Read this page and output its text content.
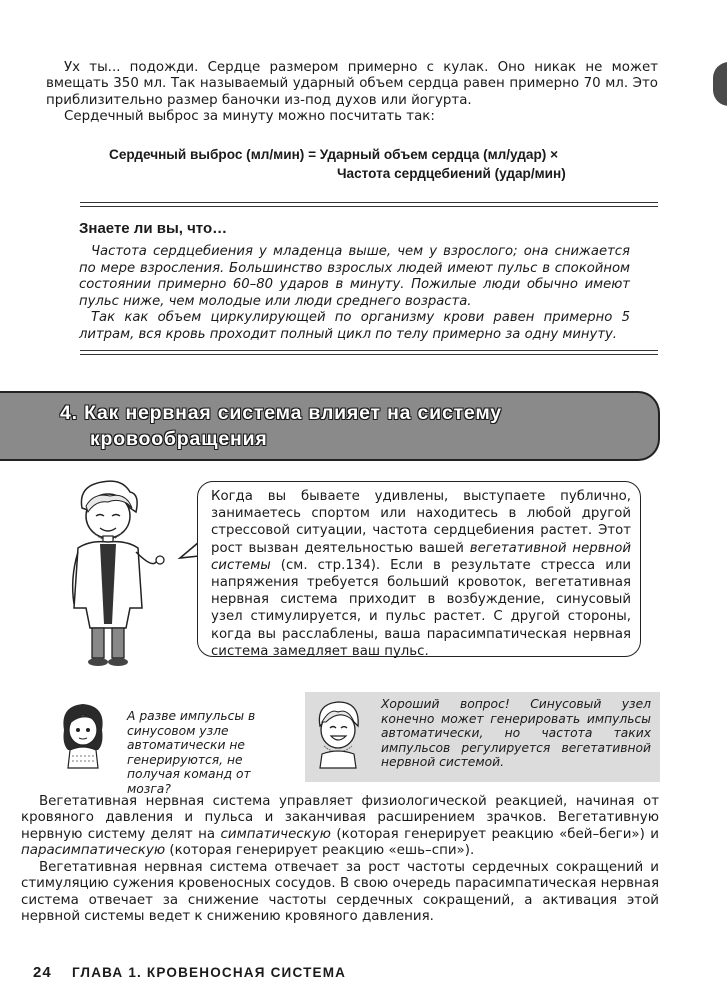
Ух ты... подожди. Сердце размером примерно с кулак. Оно никак не может вмещать 350 мл. Так называемый ударный объем сердца равен примерно 70 мл. Это приблизительно размер баночки из-под духов или йогурта.

Сердечный выброс за минуту можно посчитать так:

Сердечный выброс (мл/мин) = Ударный объем сердца (мл/удар) ×
Частота сердцебиений (удар/мин)
Знаете ли вы, что…

Частота сердцебиения у младенца выше, чем у взрослого; она снижается по мере взросления. Большинство взрослых людей имеют пульс в спокойном состоянии примерно 60–80 ударов в минуту. Пожилые люди обычно имеют пульс ниже, чем молодые или люди среднего возраста.

Так как объем циркулирующей по организму крови равен примерно 5 литрам, вся кровь проходит полный цикл по телу примерно за одну минуту.

4. Как нервная система влияет на систему
кровообращения

Когда вы бываете удивлены, выступаете публично, занимаетесь спортом или находитесь в любой другой стрессовой ситуации, частота сердцебиения растет. Этот рост вызван деятельностью вашей вегетативной нервной системы (см. стр.134). Если в результате стресса или напряжения требуется больший кровоток, вегетативная нервная система приходит в возбуждение, синусовый узел стимулируется, и пульс растет. С другой стороны, когда вы расслаблены, ваша парасимпатическая нервная система замедляет ваш пульс.

А разве импульсы в синусовом узле автоматически не генерируются, не получая команд от мозга?

Хороший вопрос! Синусовый узел конечно может генерировать импульсы автоматически, но частота таких импульсов регулируется вегетативной нервной системой.

Вегетативная нервная система управляет физиологической реакцией, начиная от кровяного давления и пульса и заканчивая расширением зрачков. Вегетативную нервную систему делят на симпатическую (которая генерирует реакцию «бей–беги») и парасимпатическую (которая генерирует реакцию «ешь–спи»).

Вегетативная нервная система отвечает за рост частоты сердечных сокращений и стимуляцию сужения кровеносных сосудов. В свою очередь парасимпатическая нервная система отвечает за снижение частоты сердечных сокращений, а активация этой нервной системы ведет к снижению кровяного давления.

24 ГЛАВА 1. КРОВЕНОСНАЯ СИСТЕМА
